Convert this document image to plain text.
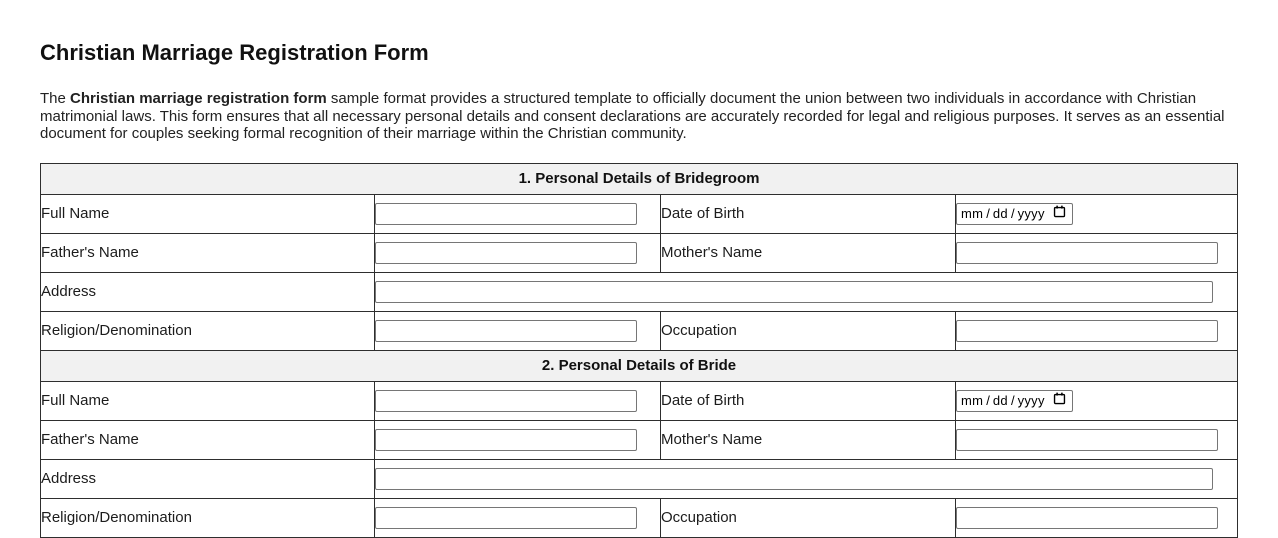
Christian Marriage Registration Form

The Christian marriage registration form sample format provides a structured template to officially document the union between two individuals in accordance with Christian matrimonial laws. This form ensures that all necessary personal details and consent declarations are accurately recorded for legal and religious purposes. It serves as an essential document for couples seeking formal recognition of their marriage within the Christian community.

1. Personal Details of Bridegroom			
Full Name		Date of Birth	mm / dd / yyyy

Father's Name		Mother's Name	

Address	

Religion/Denomination		Occupation	

2. Personal Details of Bride			
Full Name		Date of Birth	mm / dd / yyyy

Father's Name		Mother's Name	

Address	

Religion/Denomination		Occupation	
